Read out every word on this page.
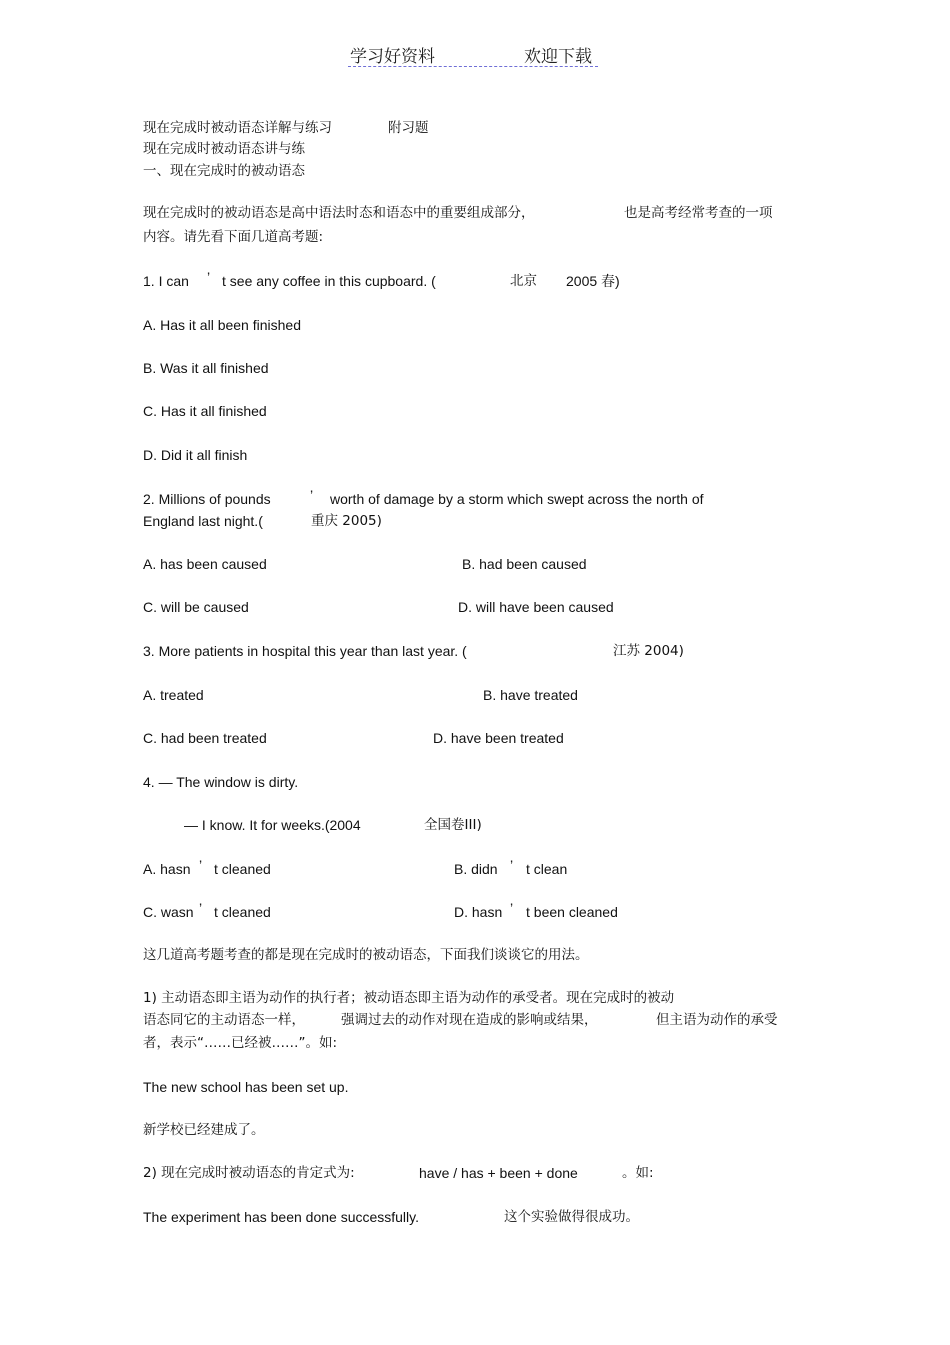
学习好资料	欢迎下载
现在完成时被动语态详解与练习	附习题
现在完成时被动语态讲与练
一、现在完成时的被动语态
现在完成时的被动语态是高中语法时态和语态中的重要组成部分，	也是高考经常考查的一项
内容。请先看下面几道高考题:
1. I can ’ t see any coffee in this cupboard. (	北京 2005 春)
A. Has it all been finished
B. Was it all finished
C. Has it all finished
D. Did it all finish
2. Millions of pounds	’ worth of damage by a storm which swept across the north of
England last night.(	重庆 2005)
A. has been caused	B. had been caused
C. will be caused	D. will have been caused
3. More patients in hospital this year than last year. (	江苏 2004)
A. treated	B. have treated
C. had been treated	D. have been treated
4. — The window is dirty.
— I know. It for weeks.(2004	全国卷III)
A. hasn ’ t cleaned	B. didn ’ t clean
C. wasn ’ t cleaned	D. hasn ’ t been cleaned
这几道高考题考查的都是现在完成时的被动语态，下面我们谈谈它的用法。
1) 主动语态即主语为动作的执行者；被动语态即主语为动作的承受者。现在完成时的被动
语态同它的主动语态一样，	强调过去的动作对现在造成的影响或结果，	但主语为动作的承受
者，表示“……已经被……”。如:
The new school has been set up.
新学校已经建成了。
2) 现在完成时被动语态的肯定式为:	have / has + been + done	。如:
The experiment has been done successfully.	这个实验做得很成功。
